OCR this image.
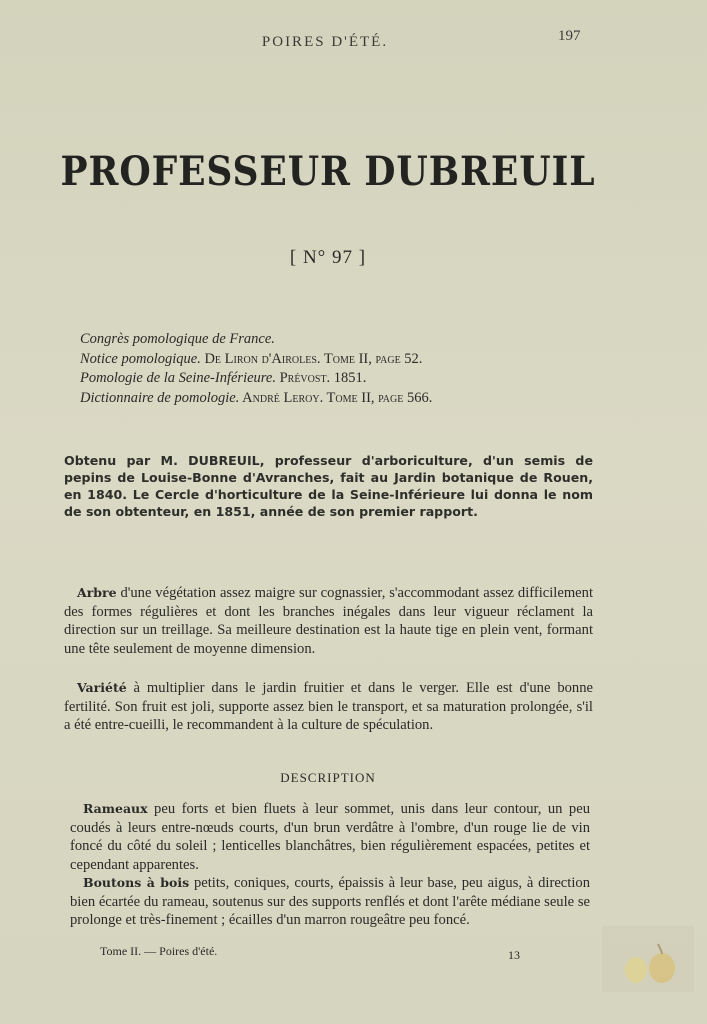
POIRES D'ÉTÉ.	197

PROFESSEUR DUBREUIL

[ N° 97 ]

Congrès pomologique de France.
Notice pomologique. De Liron d'Airoles. Tome II, page 52.
Pomologie de la Seine-Inférieure. Prévost. 1851.
Dictionnaire de pomologie. André Leroy. Tome II, page 566.

Obtenu par M. DUBREUIL, professeur d'arboriculture, d'un semis de pepins de Louise-Bonne d'Avranches, fait au Jardin botanique de Rouen, en 1840. Le Cercle d'horticulture de la Seine-Inférieure lui donna le nom de son obtenteur, en 1851, année de son premier rapport.

Arbre d'une végétation assez maigre sur cognassier, s'accommodant assez difficilement des formes régulières et dont les branches inégales dans leur vigueur réclament la direction sur un treillage. Sa meilleure destination est la haute tige en plein vent, formant une tête seulement de moyenne dimension.

Variété à multiplier dans le jardin fruitier et dans le verger. Elle est d'une bonne fertilité. Son fruit est joli, supporte assez bien le transport, et sa maturation prolongée, s'il a été entre-cueilli, le recommandent à la culture de spéculation.

DESCRIPTION

Rameaux peu forts et bien fluets à leur sommet, unis dans leur contour, un peu coudés à leurs entre-nœuds courts, d'un brun verdâtre à l'ombre, d'un rouge lie de vin foncé du côté du soleil ; lenticelles blanchâtres, bien régulièrement espacées, petites et cependant apparentes.

Boutons à bois petits, coniques, courts, épaissis à leur base, peu aigus, à direction bien écartée du rameau, soutenus sur des supports renflés et dont l'arête médiane seule se prolonge et très-finement ; écailles d'un marron rougeâtre peu foncé.

Tome II. — Poires d'été.	13
